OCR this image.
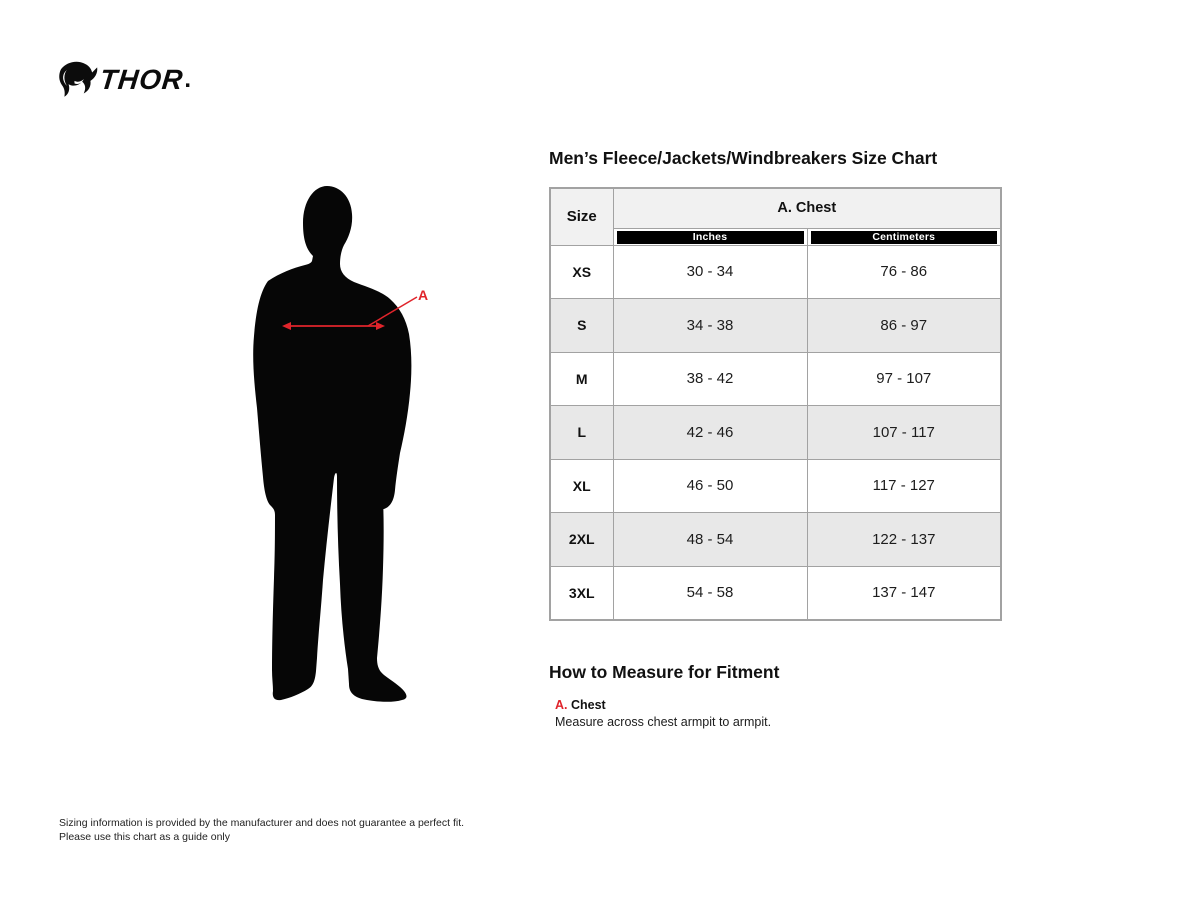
THOR .
A
Men’s Fleece/Jackets/Windbreakers Size Chart
Size	A. Chest	

	Inches	Centimeters

XS	30 - 34	76 - 86
S	34 - 38	86 - 97
M	38 - 42	97 - 107
L	42 - 46	107 - 117
XL	46 - 50	117 - 127
2XL	48 - 54	122 - 137
3XL	54 - 58	137 - 147
How to Measure for Fitment
A. Chest
Measure across chest armpit to armpit.
Sizing information is provided by the manufacturer and does not guarantee a perfect fit.
Please use this chart as a guide only
